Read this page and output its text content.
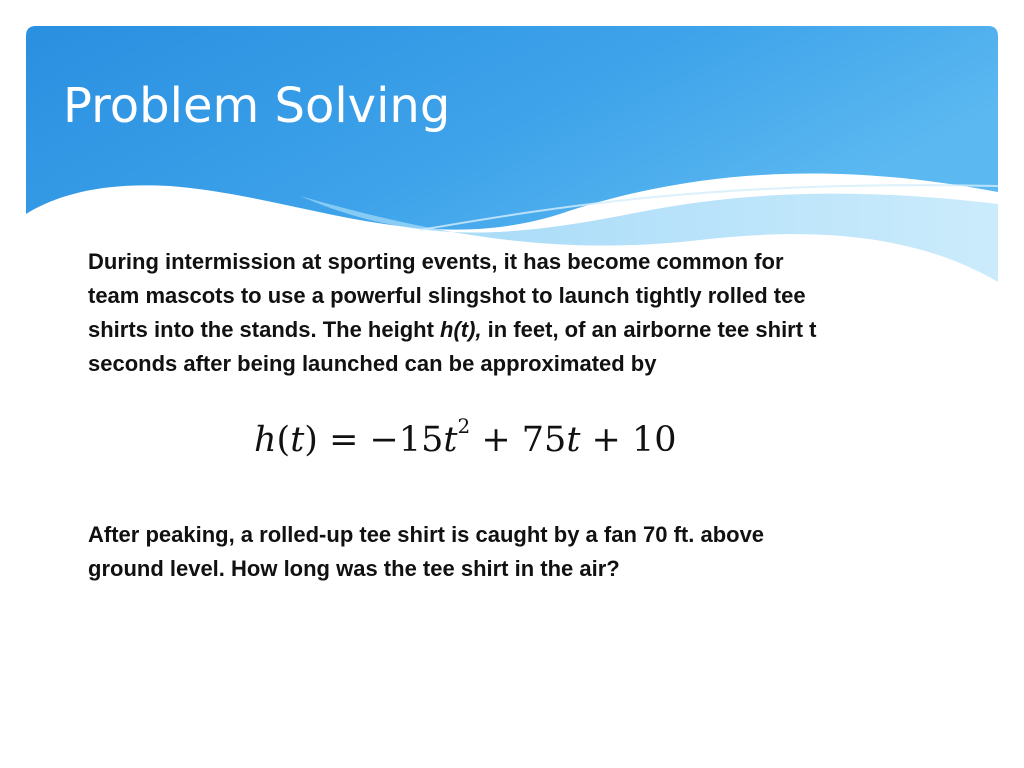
Problem Solving
During intermission at sporting events, it has become common for
team mascots to use a powerful slingshot to launch tightly rolled tee
shirts into the stands. The height h(t), in feet, of an airborne tee shirt t
seconds after being launched can be approximated by
$h(t) = -15t^2 + 75t + 10$
After peaking, a rolled-up tee shirt is caught by a fan 70 ft. above
ground level. How long was the tee shirt in the air?
